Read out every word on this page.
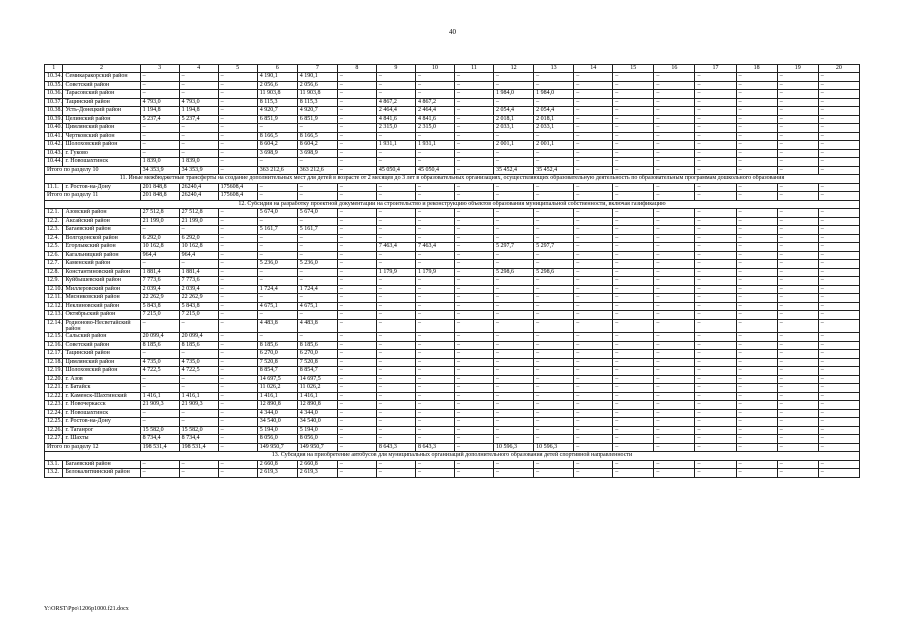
40
1	2	3	4	5	6	7	8	9	10	11	12	13	14	15	16	17	18	19	20
10.34.	Семикаракорский район	–	–	–	4 190,1	4 190,1	–	–	–	–	–	–	–	–	–	–	–	–	–
10.35.	Советский район	–	–	–	2 056,6	2 056,6	–	–	–	–	–	–	–	–	–	–	–	–	–
10.36.	Тарасовский район	–	–	–	11 903,8	11 903,8	–	–	–	–	1 984,0	1 984,0	–	–	–	–	–	–	–
10.37.	Тацинский район	4 793,0	4 793,0	–	8 115,3	8 115,3	–	4 867,2	4 867,2	–	–	–	–	–	–	–	–	–	–
10.38.	Усть-Донецкий район	1 194,8	1 194,8	–	4 920,7	4 920,7	–	2 464,4	2 464,4	–	2 054,4	2 054,4	–	–	–	–	–	–	–
10.39.	Целинский район	5 237,4	5 237,4	–	6 851,9	6 851,9	–	4 841,6	4 841,6	–	2 018,1	2 018,1	–	–	–	–	–	–	–
10.40.	Цимлянский район	–	–	–	–	–	–	2 315,0	2 315,0	–	2 033,1	2 033,1	–	–	–	–	–	–	–
10.41.	Чертковский район	–	–	–	8 166,5	8 166,5	–	–	–	–	–	–	–	–	–	–	–	–	–
10.42.	Шолоховский район	–	–	–	8 604,2	8 604,2	–	1 931,1	1 931,1	–	2 001,1	2 001,1	–	–	–	–	–	–	–
10.43.	г. Гуково	–	–	–	3 698,9	3 698,9	–	–	–	–	–	–	–	–	–	–	–	–	–
10.44.	г. Новошахтинск	1 839,0	1 839,0	–	–	–	–	–	–	–	–	–	–	–	–	–	–	–	–
Итого по разделу 10		34 353,9	34 353,9	–	363 212,6	363 212,6	–	45 050,4	45 050,4	–	35 452,4	35 452,4	–	–	–	–	–	–	–
11. Иные межбюджетные трансферты на создание дополнительных мест для детей в возрасте от 2 месяцев до 3 лет в образовательных организациях, осуществляющих образовательную деятельность по образовательным программам дошкольного образования																			
11.1.	г. Ростов-на-Дону	201 848,8	26240,4	175608,4	–	–	–	–	–	–	–	–	–	–	–	–	–	–	–
Итого по разделу 11		201 848,8	26240,4	175608,4	–	–	–	–	–	–	–	–	–	–	–	–	–	–	–
12. Субсидия на разработку проектной документации на строительство и реконструкцию объектов образования муниципальной собственности, включая газификацию																			
12.1.	Азовский район	27 512,8	27 512,8	–	5 674,0	5 674,0	–	–	–	–	–	–	–	–	–	–	–	–	–
12.2.	Аксайский район	21 199,0	21 199,0	–	–	–	–	–	–	–	–	–	–	–	–	–	–	–	–
12.3.	Багаевский район	–	–	–	5 161,7	5 161,7	–	–	–	–	–	–	–	–	–	–	–	–	–
12.4.	Волгодонской район	6 292,0	6 292,0	–	–	–	–	–	–	–	–	–	–	–	–	–	–	–	–
12.5.	Егорлыкский район	10 162,8	10 162,8	–	–	–	–	7 463,4	7 463,4	–	5 297,7	5 297,7	–	–	–	–	–	–	–
12.6.	Кагальницкий район	964,4	964,4	–	–	–	–	–	–	–	–	–	–	–	–	–	–	–	–
12.7.	Каменский район	–	–	–	5 236,0	5 236,0	–	–	–	–	–	–	–	–	–	–	–	–	–
12.8.	Константиновский район	1 881,4	1 881,4	–	–	–	–	1 179,9	1 179,9	–	5 298,6	5 298,6	–	–	–	–	–	–	–
12.9.	Куйбышевский район	7 773,6	7 773,6	–	–	–	–	–	–	–	–	–	–	–	–	–	–	–	–
12.10.	Миллеровский район	2 039,4	2 039,4	–	1 724,4	1 724,4	–	–	–	–	–	–	–	–	–	–	–	–	–
12.11.	Мясниковский район	22 262,9	22 262,9	–	–	–	–	–	–	–	–	–	–	–	–	–	–	–	–
12.12.	Неклиновский район	5 843,8	5 843,8	–	4 675,1	4 675,1	–	–	–	–	–	–	–	–	–	–	–	–	–
12.13.	Октябрьский район	7 215,0	7 215,0	–	–	–	–	–	–	–	–	–	–	–	–	–	–	–	–
12.14.	Родионово-Несветайский район	–	–	–	4 483,8	4 483,8	–	–	–	–	–	–	–	–	–	–	–	–	–
12.15.	Сальский район	20 099,4	20 099,4	–	–	–	–	–	–	–	–	–	–	–	–	–	–	–	–
12.16.	Советский район	8 185,6	8 185,6	–	8 185,6	8 185,6	–	–	–	–	–	–	–	–	–	–	–	–	–
12.17.	Тацинский район	–	–	–	6 270,0	6 270,0	–	–	–	–	–	–	–	–	–	–	–	–	–
12.18.	Цимлянский район	4 735,0	4 735,0	–	7 520,8	7 520,8	–	–	–	–	–	–	–	–	–	–	–	–	–
12.19.	Шолоховский район	4 722,5	4 722,5	–	8 854,7	8 854,7	–	–	–	–	–	–	–	–	–	–	–	–	–
12.20.	г. Азов	–	–	–	14 697,5	14 697,5	–	–	–	–	–	–	–	–	–	–	–	–	–
12.21.	г. Батайск	–	–	–	11 026,2	11 026,2	–	–	–	–	–	–	–	–	–	–	–	–	–
12.22.	г. Каменск-Шахтинский	1 416,1	1 416,1	–	1 416,1	1 416,1	–	–	–	–	–	–	–	–	–	–	–	–	–
12.23.	г. Новочеркасск	21 909,3	21 909,3	–	12 890,8	12 890,8	–	–	–	–	–	–	–	–	–	–	–	–	–
12.24.	г. Новошахтинск	–	–	–	4 344,0	4 344,0	–	–	–	–	–	–	–	–	–	–	–	–	–
12.25.	г. Ростов-на-Дону	–	–	–	34 540,0	34 540,0	–	–	–	–	–	–	–	–	–	–	–	–	–
12.26.	г. Таганрог	15 582,0	15 582,0	–	5 194,0	5 194,0	–	–	–	–	–	–	–	–	–	–	–	–	–
12.27.	г. Шахты	8 734,4	8 734,4	–	8 056,0	8 056,0	–	–	–	–	–	–	–	–	–	–	–	–	–
Итого по разделу 12		198 531,4	198 531,4	–	149 950,7	149 950,7	–	8 643,3	8 643,3	–	10 596,3	10 596,3	–	–	–	–	–	–	–
13. Субсидия на приобретение автобусов для муниципальных организаций дополнительного образования детей спортивной направленности																			
13.1.	Багаевский район	–	–	–	2 660,8	2 660,8	–	–	–	–	–	–	–	–	–	–	–	–	–
13.2.	Белокалитвинский район	–	–	–	2 619,3	2 619,3	–	–	–	–	–	–	–	–	–	–	–	–	–
Y:\ORST\Ppo\1206p1000.f21.docx
